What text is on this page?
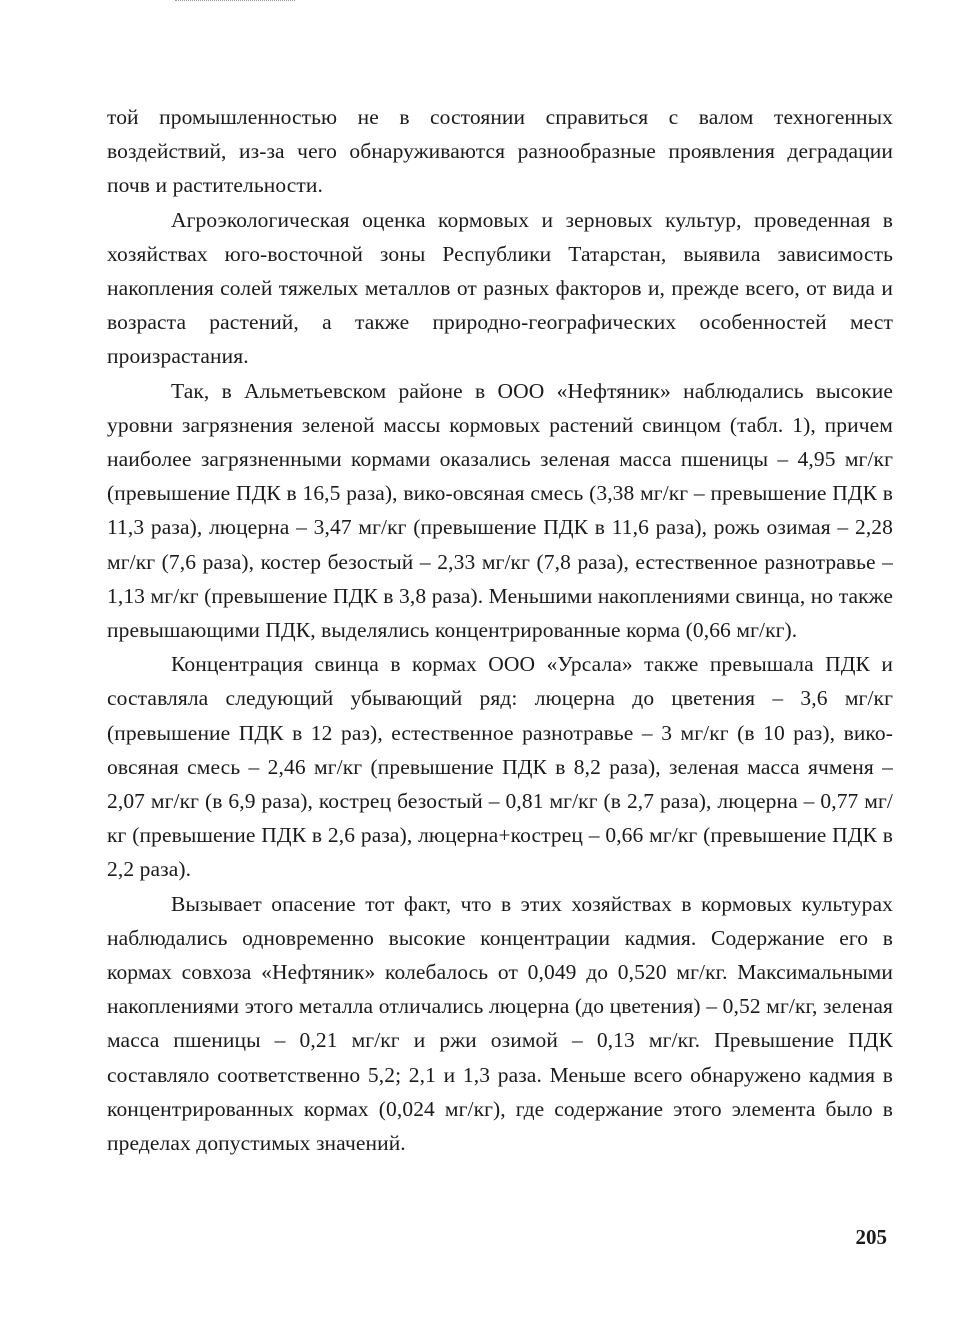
той промышленностью не в состоянии справиться с валом техногенных воздействий, из-за чего обнаруживаются разнообразные проявления деградации почв и растительности.

Агроэкологическая оценка кормовых и зерновых культур, проведенная в хозяйствах юго-восточной зоны Республики Татарстан, выявила зависимость накопления солей тяжелых металлов от разных факторов и, прежде всего, от вида и возраста растений, а также природно-географических особенностей мест произрастания.

Так, в Альметьевском районе в ООО «Нефтяник» наблюдались высокие уровни загрязнения зеленой массы кормовых растений свинцом (табл. 1), причем наиболее загрязненными кормами оказались зеленая масса пшеницы – 4,95 мг/кг (превышение ПДК в 16,5 раза), вико-овсяная смесь (3,38 мг/кг – превышение ПДК в 11,3 раза), люцерна – 3,47 мг/кг (превышение ПДК в 11,6 раза), рожь озимая – 2,28 мг/кг (7,6 раза), костер безостый – 2,33 мг/кг (7,8 раза), естественное разнотравье – 1,13 мг/кг (превышение ПДК в 3,8 раза). Меньшими накоплениями свинца, но также превышающими ПДК, выделялись концентрированные корма (0,66 мг/кг).

Концентрация свинца в кормах ООО «Урсала» также превышала ПДК и составляла следующий убывающий ряд: люцерна до цветения – 3,6 мг/кг (превышение ПДК в 12 раз), естественное разнотравье – 3 мг/кг (в 10 раз), вико-овсяная смесь – 2,46 мг/кг (превышение ПДК в 8,2 раза), зеленая масса ячменя – 2,07 мг/кг (в 6,9 раза), кострец безостый – 0,81 мг/кг (в 2,7 раза), люцерна – 0,77 мг/кг (превышение ПДК в 2,6 раза), люцерна+кострец – 0,66 мг/кг (превышение ПДК в 2,2 раза).

Вызывает опасение тот факт, что в этих хозяйствах в кормовых культурах наблюдались одновременно высокие концентрации кадмия. Содержание его в кормах совхоза «Нефтяник» колебалось от 0,049 до 0,520 мг/кг. Максимальными накоплениями этого металла отличались люцерна (до цветения) – 0,52 мг/кг, зеленая масса пшеницы – 0,21 мг/кг и ржи озимой – 0,13 мг/кг. Превышение ПДК составляло соответственно 5,2; 2,1 и 1,3 раза. Меньше всего обнаружено кадмия в концентрированных кормах (0,024 мг/кг), где содержание этого элемента было в пределах допустимых значений.

205
